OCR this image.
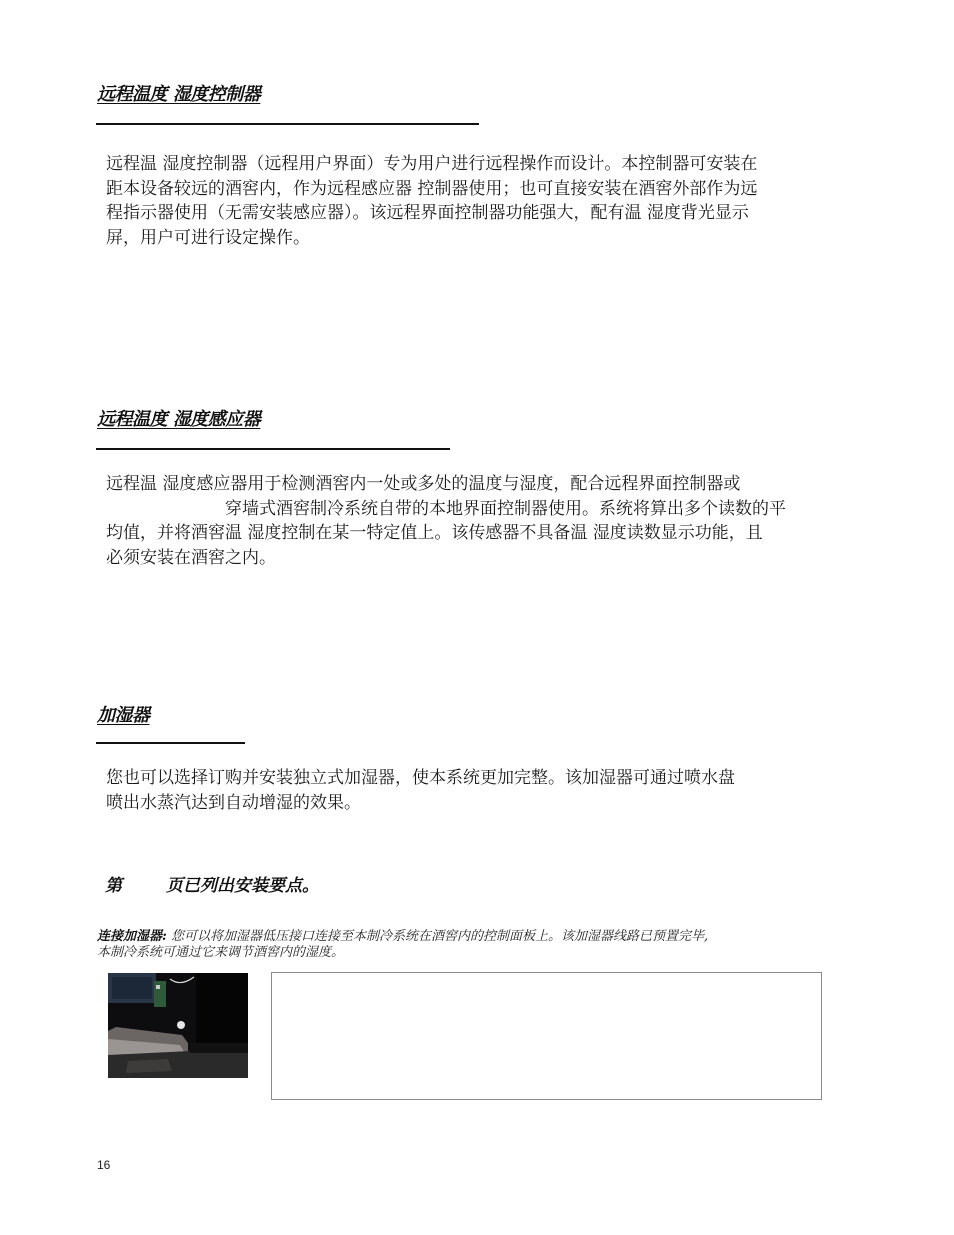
远程温度 湿度控制器
远程温 湿度控制器（远程用户界面）专为用户进行远程操作而设计。本控制器可安装在
距本设备较远的酒窖内，作为远程感应器 控制器使用；也可直接安装在酒窖外部作为远
程指示器使用（无需安装感应器）。该远程界面控制器功能强大，配有温 湿度背光显示
屏，用户可进行设定操作。
远程温度 湿度感应器
远程温 湿度感应器用于检测酒窖内一处或多处的温度与湿度，配合远程界面控制器或
穿墙式酒窖制冷系统自带的本地界面控制器使用。系统将算出多个读数的平
均值，并将酒窖温 湿度控制在某一特定值上。该传感器不具备温 湿度读数显示功能，且
必须安装在酒窖之内。
加湿器
您也可以选择订购并安装独立式加湿器，使本系统更加完整。该加湿器可通过喷水盘
喷出水蒸汽达到自动增湿的效果。
第	页已列出安装要点。
连接加湿器: 您可以将加湿器低压接口连接至本制冷系统在酒窖内的控制面板上。该加湿器线路已预置完毕,
本制冷系统可通过它来调节酒窖内的湿度。
16
